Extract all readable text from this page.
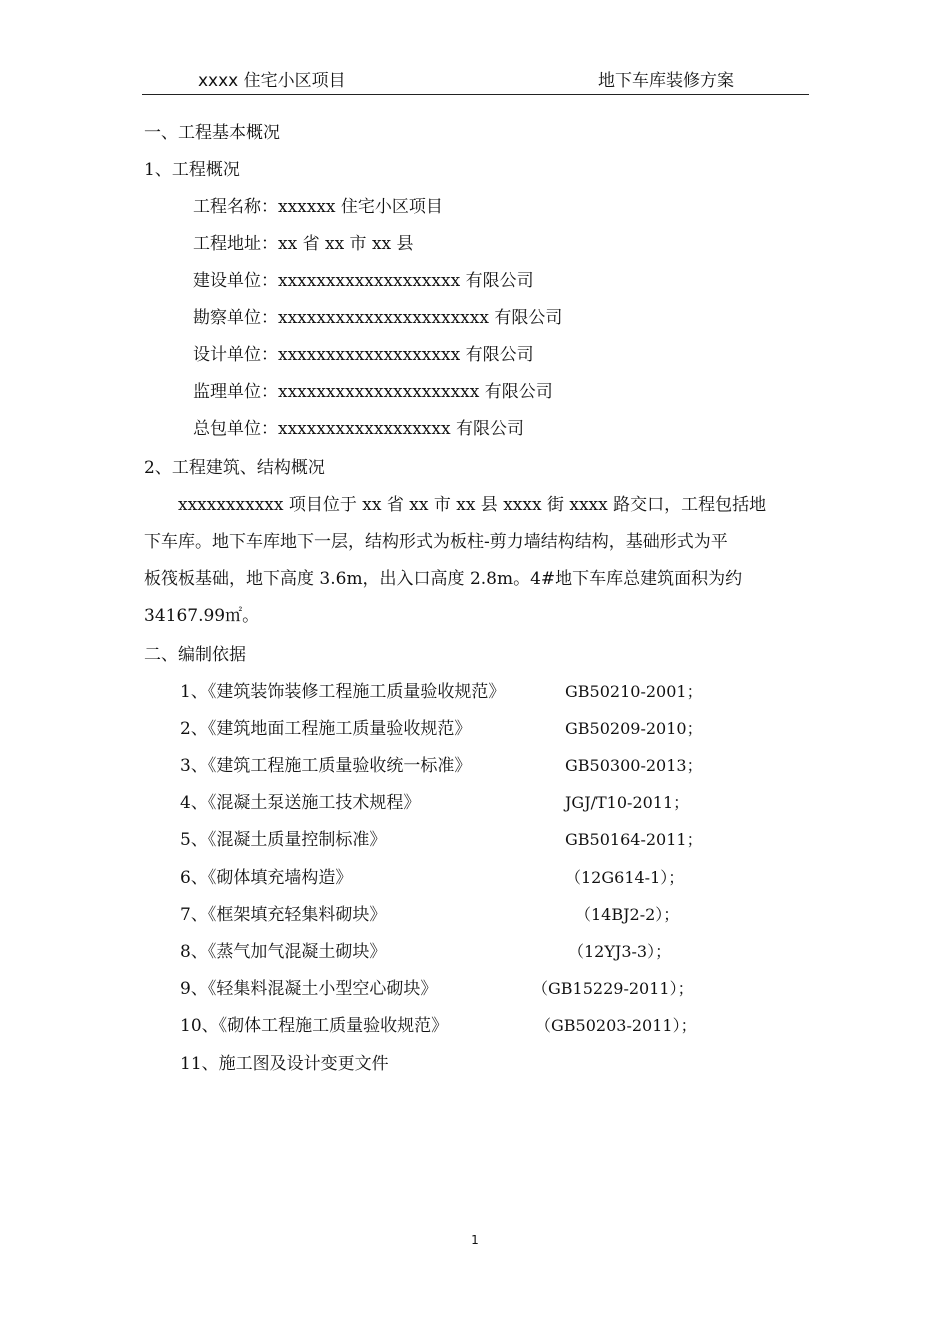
xxxx 住宅小区项目	地下车库装修方案
一、工程基本概况
1、工程概况
工程名称：xxxxxx 住宅小区项目
工程地址：xx 省 xx 市 xx 县
建设单位：xxxxxxxxxxxxxxxxxxx 有限公司
勘察单位：xxxxxxxxxxxxxxxxxxxxxx 有限公司
设计单位：xxxxxxxxxxxxxxxxxxx 有限公司
监理单位：xxxxxxxxxxxxxxxxxxxxx 有限公司
总包单位：xxxxxxxxxxxxxxxxxx 有限公司
2、工程建筑、结构概况
　　xxxxxxxxxxx 项目位于 xx 省 xx 市 xx 县 xxxx 街 xxxx 路交口，工程包括地
下车库。地下车库地下一层，结构形式为板柱-剪力墙结构结构，基础形式为平
板筏板基础，地下高度 3.6m，出入口高度 2.8m。4#地下车库总建筑面积为约
34167.99㎡。
二、编制依据
1、《建筑装饰装修工程施工质量验收规范》	GB50210-2001；
2、《建筑地面工程施工质量验收规范》	GB50209-2010；
3、《建筑工程施工质量验收统一标准》	GB50300-2013；
4、《混凝土泵送施工技术规程》	JGJ/T10-2011；
5、《混凝土质量控制标准》	GB50164-2011；
6、《砌体填充墙构造》	（12G614-1）；
7、《框架填充轻集料砌块》	（14BJ2-2）；
8、《蒸气加气混凝土砌块》	（12YJ3-3）；
9、《轻集料混凝土小型空心砌块》	（GB15229-2011）；
10、《砌体工程施工质量验收规范》	（GB50203-2011）；
11、施工图及设计变更文件
1
